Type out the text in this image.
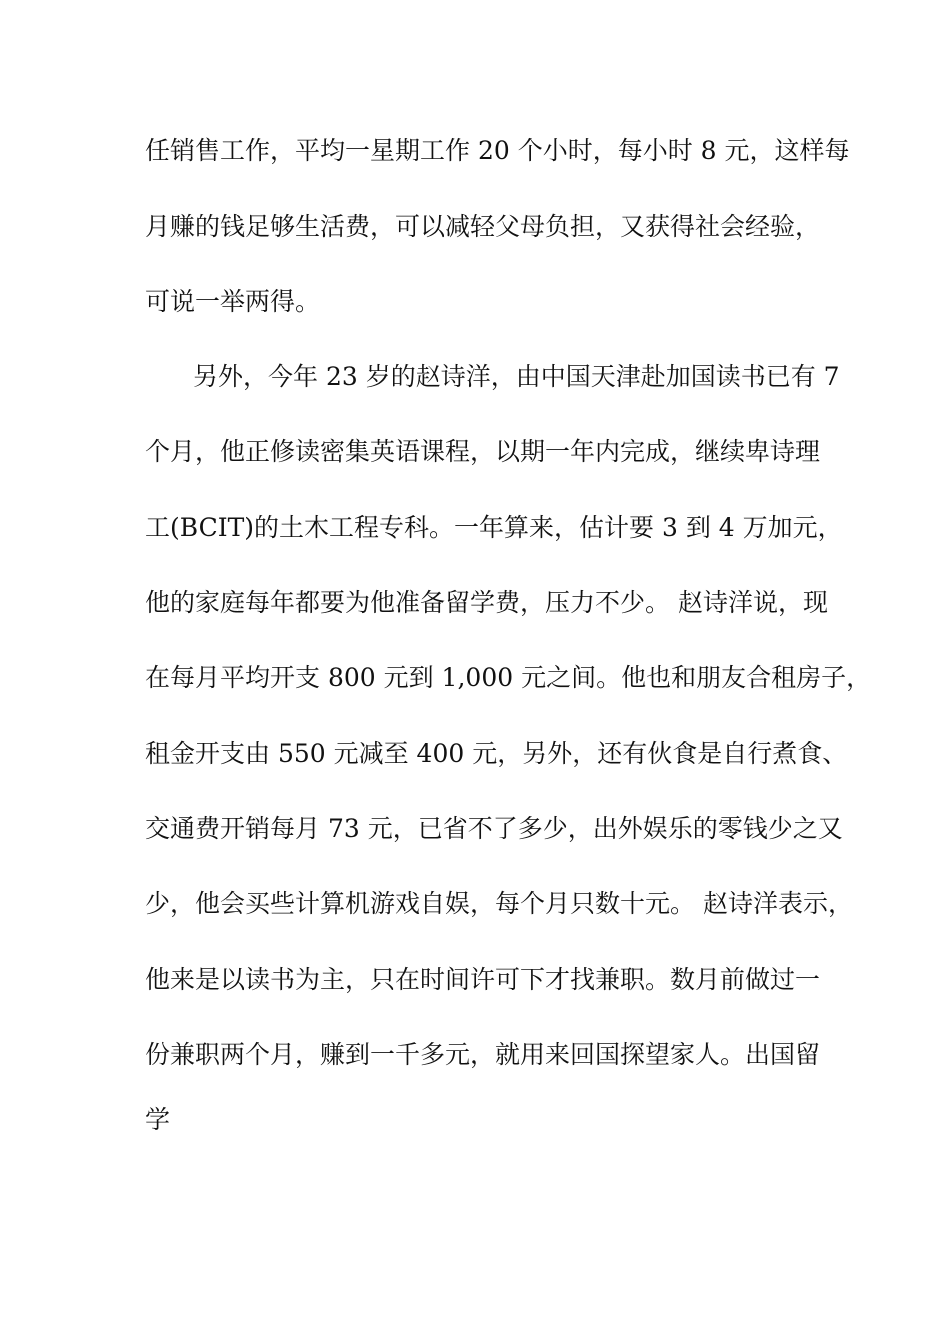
任销售工作，平均一星期工作 20 个小时，每小时 8 元，这样每
月赚的钱足够生活费，可以减轻父母负担，又获得社会经验，
可说一举两得。
另外，今年 23 岁的赵诗洋，由中国天津赴加国读书已有 7
个月，他正修读密集英语课程，以期一年内完成，继续卑诗理
工(BCIT)的土木工程专科。一年算来，估计要 3 到 4 万加元，
他的家庭每年都要为他准备留学费，压力不少。 赵诗洋说，现
在每月平均开支 800 元到 1,000 元之间。他也和朋友合租房子，
租金开支由 550 元减至 400 元，另外，还有伙食是自行煮食、
交通费开销每月 73 元，已省不了多少，出外娱乐的零钱少之又
少，他会买些计算机游戏自娱，每个月只数十元。 赵诗洋表示，
他来是以读书为主，只在时间许可下才找兼职。数月前做过一
份兼职两个月，赚到一千多元，就用来回国探望家人。出国留
学
